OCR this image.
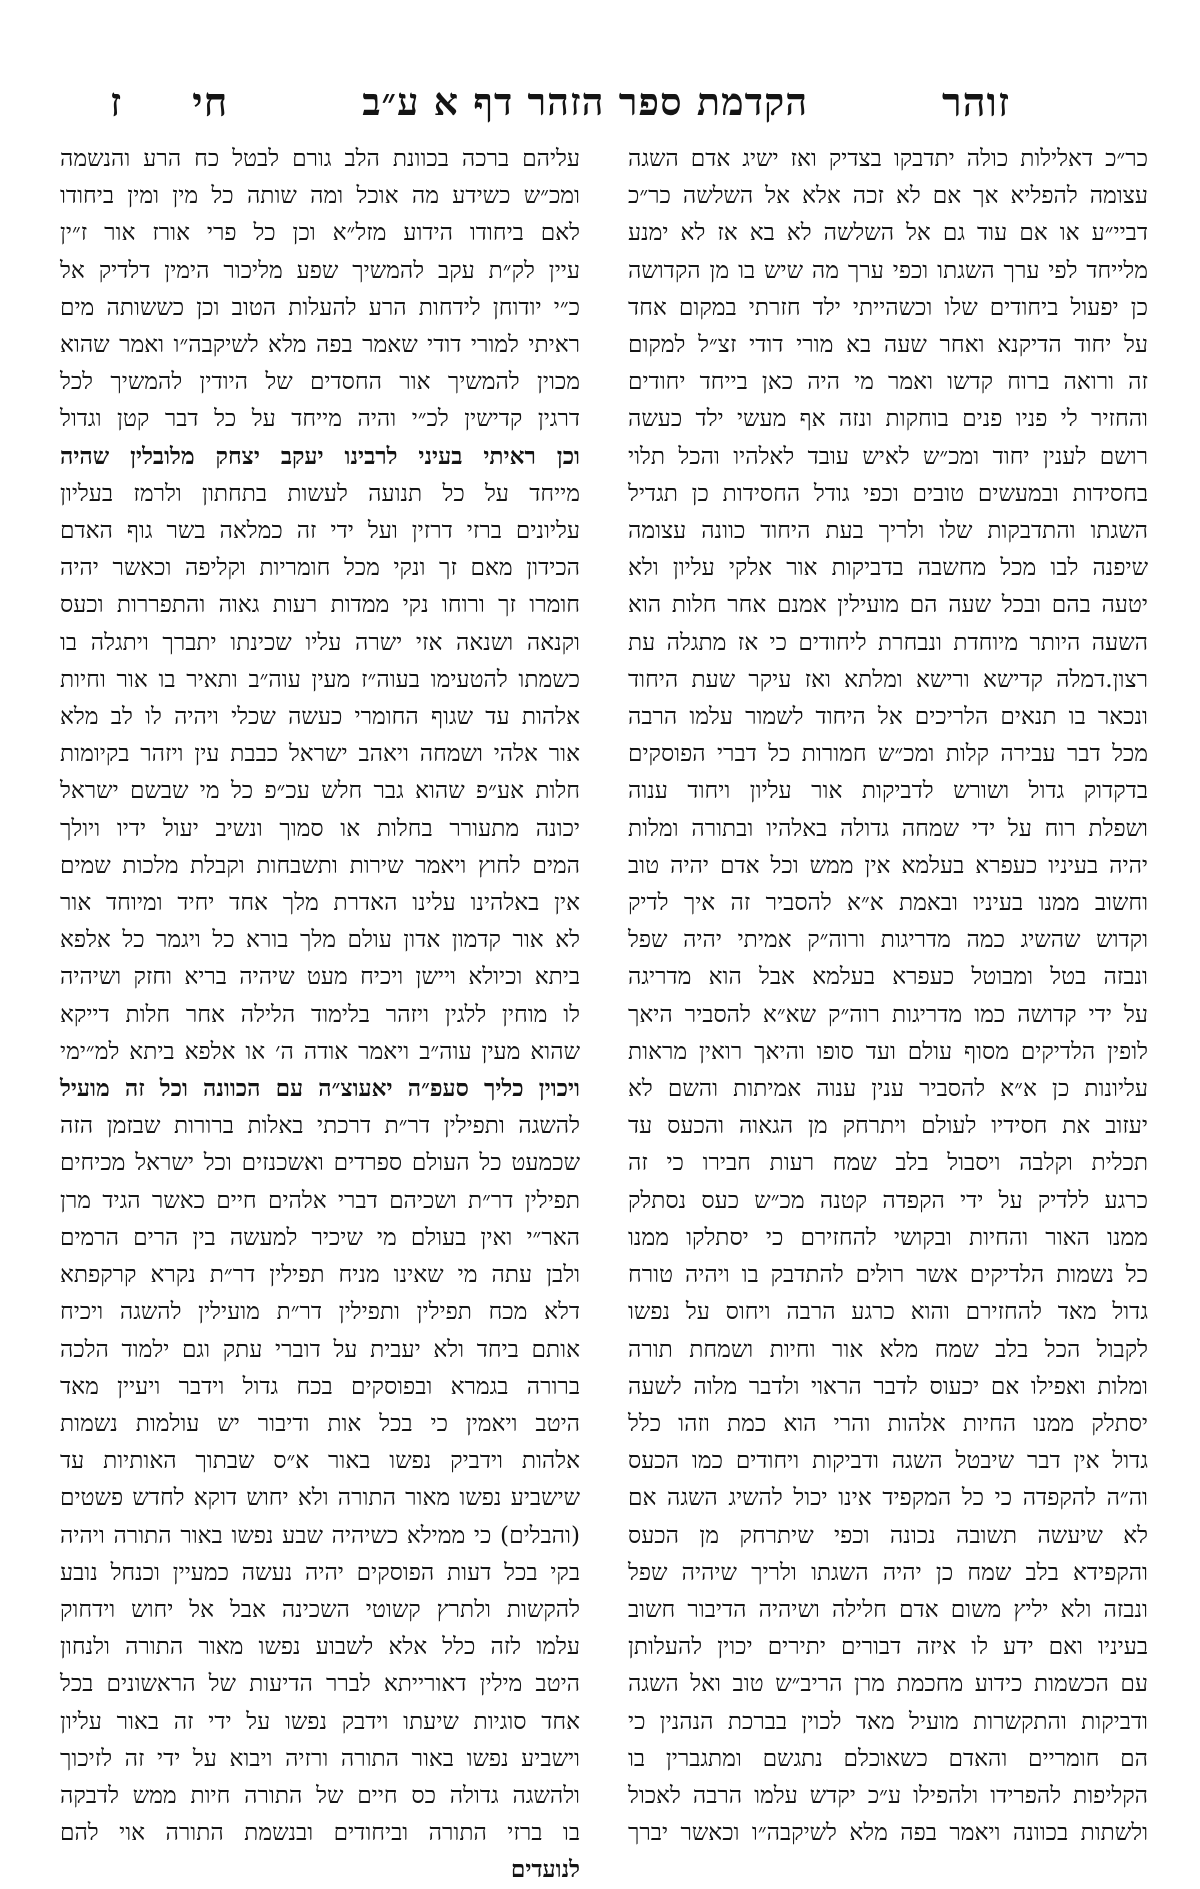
זוהר
הקדמת ספר הזהר דף א ע״ב
חי
ז

כר״כ דאלילות כולה יתדבקו בצדיק ואז ישיג אדם השגה

עצומה להפליא אך אם לא זכה אלא אל השלשה כר״כ

דביי״ע או אם עוד גם אל השלשה לא בא אז לא ימנע

מלייחד לפי ערך השגתו וכפי ערך מה שיש בו מן הקדושה

כן יפעול ביחודים שלו וכשהייתי ילד חזרתי במקום אחד

על יחוד הדיקנא ואחר שעה בא מורי דודי זצ״ל למקום

זה ורואה ברוח קדשו ואמר מי היה כאן בייחד יחודים

והחזיר לי פניו פנים בוחקות ונזה אף מעשי ילד כעשה

רושם לענין יחוד ומכ״ש לאיש עובד לאלהיו והכל תלוי

בחסידות ובמעשים טובים וכפי גודל החסידות כן תגדיל

השגתו והתדבקות שלו ולריך בעת היחוד כוונה עצומה

שיפנה לבו מכל מחשבה בדביקות אור אלקי עליון ולא

יטעה בהם ובכל שעה הם מועילין אמנם אחר חלות הוא

השעה היותר מיוחדת ונבחרת ליחודים כי אז מתגלה עת

רצון.דמלה קדישא ורישא ומלתא ואז עיקר שעת היחוד

ונכאר בו תנאים הלריכים אל היחוד לשמור עלמו הרבה

מכל דבר עבירה קלות ומכ״ש חמורות כל דברי הפוסקים

בדקדוק גדול ושורש לדביקות אור עליון ויחוד ענוה

ושפלת רוח על ידי שמחה גדולה באלהיו ובתורה ומלות

יהיה בעיניו כעפרא בעלמא אין ממש וכל אדם יהיה טוב

וחשוב ממנו בעיניו ובאמת א״א להסביר זה איך לדיק

וקדוש שהשיג כמה מדריגות ורוה״ק אמיתי יהיה שפל

ונבזה בטל ומבוטל כעפרא בעלמא אבל הוא מדריגה

על ידי קדושה כמו מדריגות רוה״ק שא״א להסביר היאך

לופין הלדיקים מסוף עולם ועד סופו והיאך רואין מראות

עליונות כן א״א להסביר ענין ענוה אמיתות והשם לא

יעזוב את חסידיו לעולם ויתרחק מן הגאוה והכעס עד

תכלית וקלבה ויסבול בלב שמח רעות חבירו כי זה

כרגע ללדיק על ידי הקפדה קטנה מכ״ש כעס נסתלק

ממנו האור והחיות ובקושי להחזירם כי יסתלקו ממנו

כל נשמות הלדיקים אשר רולים להתדבק בו ויהיה טורח

גדול מאד להחזירם והוא כרגע הרבה ויחוס על נפשו

לקבול הכל בלב שמח מלא אור וחיות ושמחת תורה

ומלות ואפילו אם יכעוס לדבר הראוי ולדבר מלוה לשעה

יסתלק ממנו החיות אלהות והרי הוא כמת וזהו כלל

גדול אין דבר שיבטל השגה ודביקות ויחודים כמו הכעס

וה״ה להקפדה כי כל המקפיד אינו יכול להשיג השגה אם

לא שיעשה תשובה נכונה וכפי שיתרחק מן הכעס

והקפידא בלב שמח כן יהיה השגתו ולריך שיהיה שפל

ונבזה ולא יליץ משום אדם חלילה ושיהיה הדיבור חשוב

בעיניו ואם ידע לו איזה דבורים יתירים יכוין להעלותן

עם הכשמות כידוע מחכמת מרן הריב״ש טוב ואל השגה

ודביקות והתקשרות מועיל מאד לכוין בברכת הנהנין כי

הם חומריים והאדם כשאוכלם נתגשם ומתגברין בו

הקליפות להפרידו ולהפילו ע״כ יקדש עלמו הרבה לאכול

ולשתות בכוונה ויאמר בפה מלא לשיקבה״ו וכאשר יברך

עליהם ברכה בכוונת הלב גורם לבטל כח הרע והנשמה

ומכ״ש כשידע מה אוכל ומה שותה כל מין ומין ביחודו

לאם ביחודו הידוע מזל״א וכן כל פרי אורז אור ז״ין

עיין לק״ת עקב להמשיך שפע מליכור הימין דלדיק אל

כ״י יודוחן לידחות הרע להעלות הטוב וכן כששותה מים

ראיתי למורי דודי שאמר בפה מלא לשיקבה״ו ואמר שהוא

מכוין להמשיך אור החסדים של היודין להמשיך לכל

דרגין קדישין לכ״י והיה מייחד על כל דבר קטן וגדול

וכן ראיתי בעיני לרבינו יעקב יצחק מלובלין שהיה

מייחד על כל תנועה לעשות בתחתון ולרמז בעליון

עליונים ברזי דרזין ועל ידי זה כמלאה בשר גוף האדם

הכידון מאם זך ונקי מכל חומריות וקליפה וכאשר יהיה

חומרו זך ורוחו נקי ממדות רעות גאוה והתפררות וכעס

וקנאה ושנאה אזי ישרה עליו שכינתו יתברך ויתגלה בו

כשמתו להטעימו בעוה״ז מעין עוה״ב ותאיר בו אור וחיות

אלהות עד שגוף החומרי כעשה שכלי ויהיה לו לב מלא

אור אלהי ושמחה ויאהב ישראל כבבת עין ויזהר בקיומות

חלות אע״פ שהוא גבר חלש עכ״פ כל מי שבשם ישראל

יכונה מתעורר בחלות או סמוך ונשיב יעול ידיו ויולך

המים לחוץ ויאמר שירות ותשבחות וקבלת מלכות שמים

אין באלהינו עלינו האדרת מלך אחד יחיד ומיוחד אור

לא אור קדמון אדון עולם מלך בורא כל ויגמר כל אלפא

ביתא וכיולא ויישן ויכיח מעט שיהיה בריא וחזק ושיהיה

לו מוחין ללגין ויזהר בלימוד הלילה אחר חלות דייקא

שהוא מעין עוה״ב ויאמר אודה ה׳ או אלפא ביתא למ״ימי

ויכוין כליך סעפ״ה יאעוצ״ה עם הכוונה וכל זה מועיל

להשגה ותפילין דר״ת דרכתי באלות ברורות שבזמן הזה

שכמעט כל העולם ספרדים ואשכנזים וכל ישראל מכיחים

תפילין דר״ת ושכיהם דברי אלהים חיים כאשר הגיד מרן

האר״י ואין בעולם מי שיכיר למעשה בין הרים הרמים

ולבן עתה מי שאינו מניח תפילין דר״ת נקרא קרקפתא

דלא מכח תפילין ותפילין דר״ת מועילין להשגה ויכיח

אותם ביחד ולא יעבית על דוברי עתק וגם ילמוד הלכה

ברורה בגמרא ובפוסקים בכח גדול וידבר ויעיין מאד

היטב ויאמין כי בכל אות ודיבור יש עולמות נשמות

אלהות וידביק נפשו באור א״ס שבתוך האותיות עד

שישביע נפשו מאור התורה ולא יחוש דוקא לחדש פשטים

(והבלים) כי ממילא כשיהיה שבע נפשו באור התורה ויהיה

בקי בכל דעות הפוסקים יהיה נעשה כמעיין וכנחל נובע

להקשות ולתרץ קשוטי השכינה אבל אל יחוש וידחוק

עלמו לזה כלל אלא לשבוע נפשו מאור התורה ולנחון

היטב מילין דאורייתא לברר הדיעות של הראשונים בכל

אחד סוגיות שיעתו וידבק נפשו על ידי זה באור עליון

וישביע נפשו באור התורה ורזיה ויבוא על ידי זה לזיכוך

ולהשגה גדולה כס חיים של התורה חיות ממש לדבקה

בו ברזי התורה וביחודים ובנשמת התורה אוי להם

לנועדים
